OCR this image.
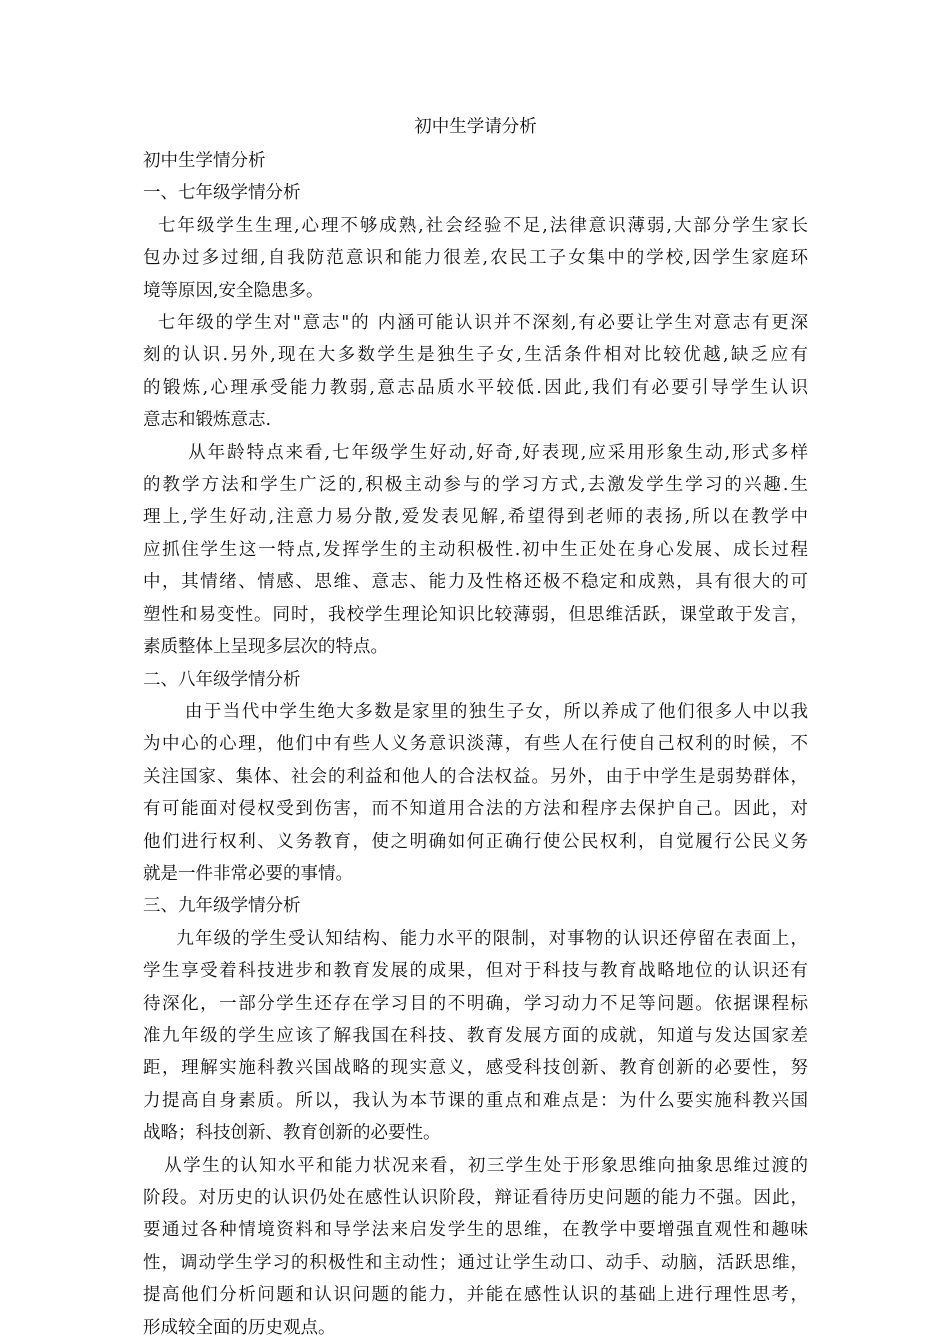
初中生学请分析
初中生学情分析
一、七年级学情分析
七年级学生生理,心理不够成熟,社会经验不足,法律意识薄弱,大部分学生家长
包办过多过细,自我防范意识和能力很差,农民工子女集中的学校,因学生家庭环
境等原因,安全隐患多。
七年级的学生对"意志"的 内涵可能认识并不深刻,有必要让学生对意志有更深
刻的认识.另外,现在大多数学生是独生子女,生活条件相对比较优越,缺乏应有
的锻炼,心理承受能力教弱,意志品质水平较低.因此,我们有必要引导学生认识
意志和锻炼意志.
从年龄特点来看,七年级学生好动,好奇,好表现,应采用形象生动,形式多样
的教学方法和学生广泛的,积极主动参与的学习方式,去激发学生学习的兴趣.生
理上,学生好动,注意力易分散,爱发表见解,希望得到老师的表扬,所以在教学中
应抓住学生这一特点,发挥学生的主动积极性.初中生正处在身心发展、成长过程
中，其情绪、情感、思维、意志、能力及性格还极不稳定和成熟，具有很大的可
塑性和易变性。同时，我校学生理论知识比较薄弱，但思维活跃，课堂敢于发言，
素质整体上呈现多层次的特点。
二、八年级学情分析
由于当代中学生绝大多数是家里的独生子女，所以养成了他们很多人中以我
为中心的心理，他们中有些人义务意识淡薄，有些人在行使自己权利的时候，不
关注国家、集体、社会的利益和他人的合法权益。另外，由于中学生是弱势群体，
有可能面对侵权受到伤害，而不知道用合法的方法和程序去保护自己。因此，对
他们进行权利、义务教育，使之明确如何正确行使公民权利，自觉履行公民义务
就是一件非常必要的事情。
三、九年级学情分析
九年级的学生受认知结构、能力水平的限制，对事物的认识还停留在表面上，
学生享受着科技进步和教育发展的成果，但对于科技与教育战略地位的认识还有
待深化，一部分学生还存在学习目的不明确，学习动力不足等问题。依据课程标
准九年级的学生应该了解我国在科技、教育发展方面的成就，知道与发达国家差
距，理解实施科教兴国战略的现实意义，感受科技创新、教育创新的必要性，努
力提高自身素质。所以，我认为本节课的重点和难点是：为什么要实施科教兴国
战略；科技创新、教育创新的必要性。
从学生的认知水平和能力状况来看，初三学生处于形象思维向抽象思维过渡的
阶段。对历史的认识仍处在感性认识阶段，辩证看待历史问题的能力不强。因此，
要通过各种情境资料和导学法来启发学生的思维，在教学中要增强直观性和趣味
性，调动学生学习的积极性和主动性；通过让学生动口、动手、动脑，活跃思维，
提高他们分析问题和认识问题的能力，并能在感性认识的基础上进行理性思考，
形成较全面的历史观点。
